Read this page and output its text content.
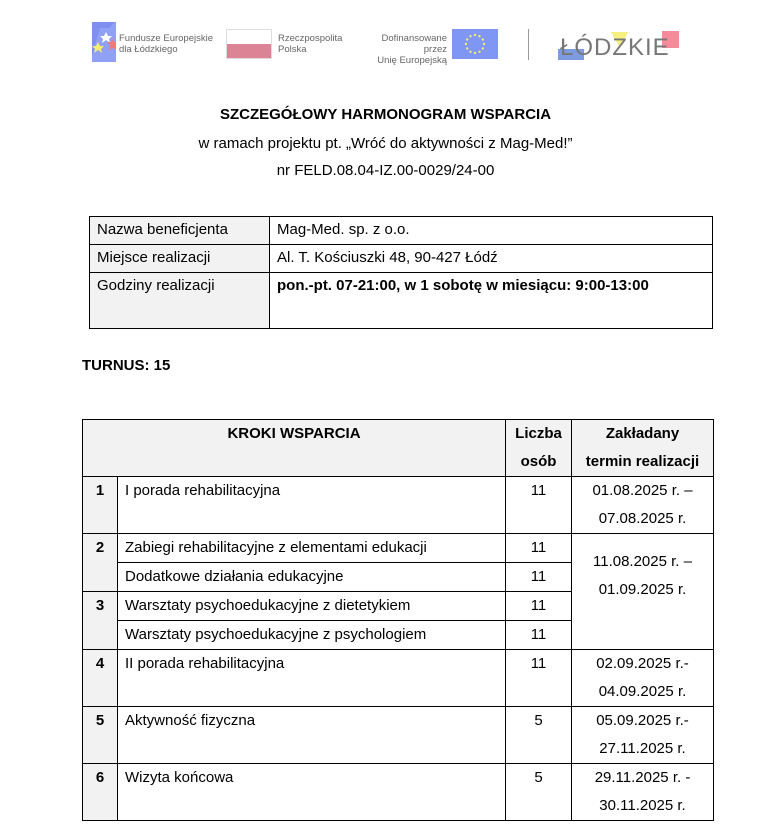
Fundusze Europejskie
dla Łódzkiego
Rzeczpospolita
Polska
Dofinansowane przez
Unię Europejską	ŁÓDZKIE
SZCZEGÓŁOWY HARMONOGRAM WSPARCIA
w ramach projektu pt. „Wróć do aktywności z Mag-Med!”
nr FELD.08.04-IZ.00-0029/24-00
Nazwa beneficjenta	Mag-Med. sp. z o.o.
Miejsce realizacji	Al. T. Kościuszki 48, 90-427 Łódź
Godziny realizacji	pon.-pt. 07-21:00, w 1 sobotę w miesiącu: 9:00-13:00
TURNUS: 15
KROKI WSPARCIA	Liczba
osób

Zakładany
termin realizacji

1	I porada rehabilitacyjna	11	01.08.2025 r. –
07.08.2025 r.

2	Zabiegi rehabilitacyjne z elementami edukacji	11	11.08.2025 r. –
01.09.2025 r.

	Dodatkowe działania edukacyjne	11	
3	Warsztaty psychoedukacyjne z dietetykiem	11	
	Warsztaty psychoedukacyjne z psychologiem	11	
4	II porada rehabilitacyjna	11	02.09.2025 r.-
04.09.2025 r.

5	Aktywność fizyczna	5	05.09.2025 r.-
27.11.2025 r.

6	Wizyta końcowa	5	29.11.2025 r. -
30.11.2025 r.
